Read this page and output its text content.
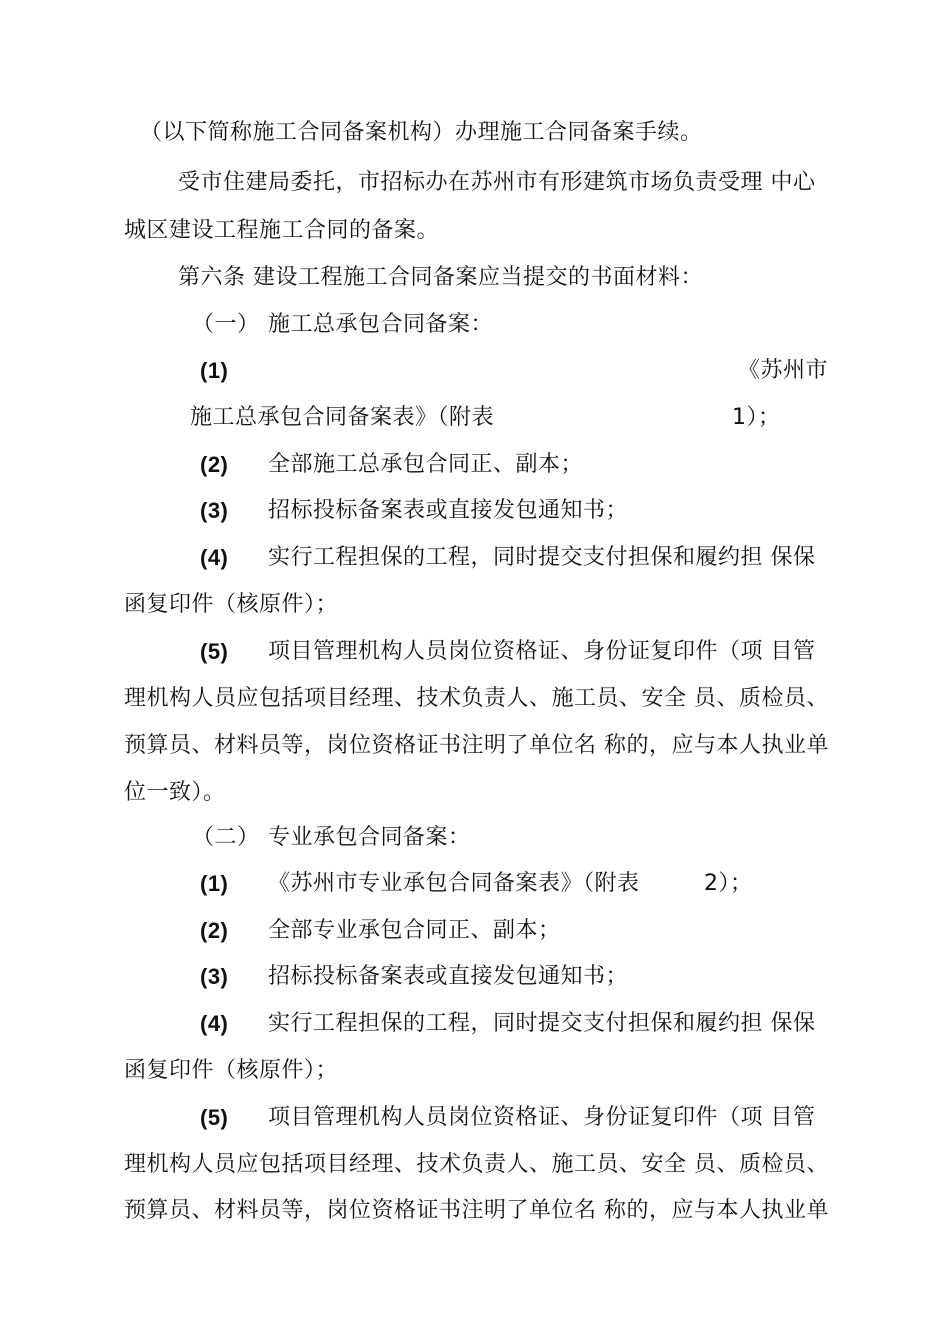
（以下简称施工合同备案机构）办理施工合同备案手续。
受市住建局委托，市招标办在苏州市有形建筑市场负责受理 中心
城区建设工程施工合同的备案。
第六条 建设工程施工合同备案应当提交的书面材料：
（一） 施工总承包合同备案：
(1)	《苏州市
施工总承包合同备案表》（附表	1）；
(2) 全部施工总承包合同正、副本；
(3) 招标投标备案表或直接发包通知书；
(4) 实行工程担保的工程，同时提交支付担保和履约担 保保
函复印件（核原件）；
(5) 项目管理机构人员岗位资格证、身份证复印件（项 目管
理机构人员应包括项目经理、技术负责人、施工员、安全 员、质检员、
预算员、材料员等，岗位资格证书注明了单位名 称的，应与本人执业单
位一致）。
（二） 专业承包合同备案：
(1) 《苏州市专业承包合同备案表》（附表	2）；
(2) 全部专业承包合同正、副本；
(3) 招标投标备案表或直接发包通知书；
(4) 实行工程担保的工程，同时提交支付担保和履约担 保保
函复印件（核原件）；
(5) 项目管理机构人员岗位资格证、身份证复印件（项 目管
理机构人员应包括项目经理、技术负责人、施工员、安全 员、质检员、
预算员、材料员等，岗位资格证书注明了单位名 称的，应与本人执业单
